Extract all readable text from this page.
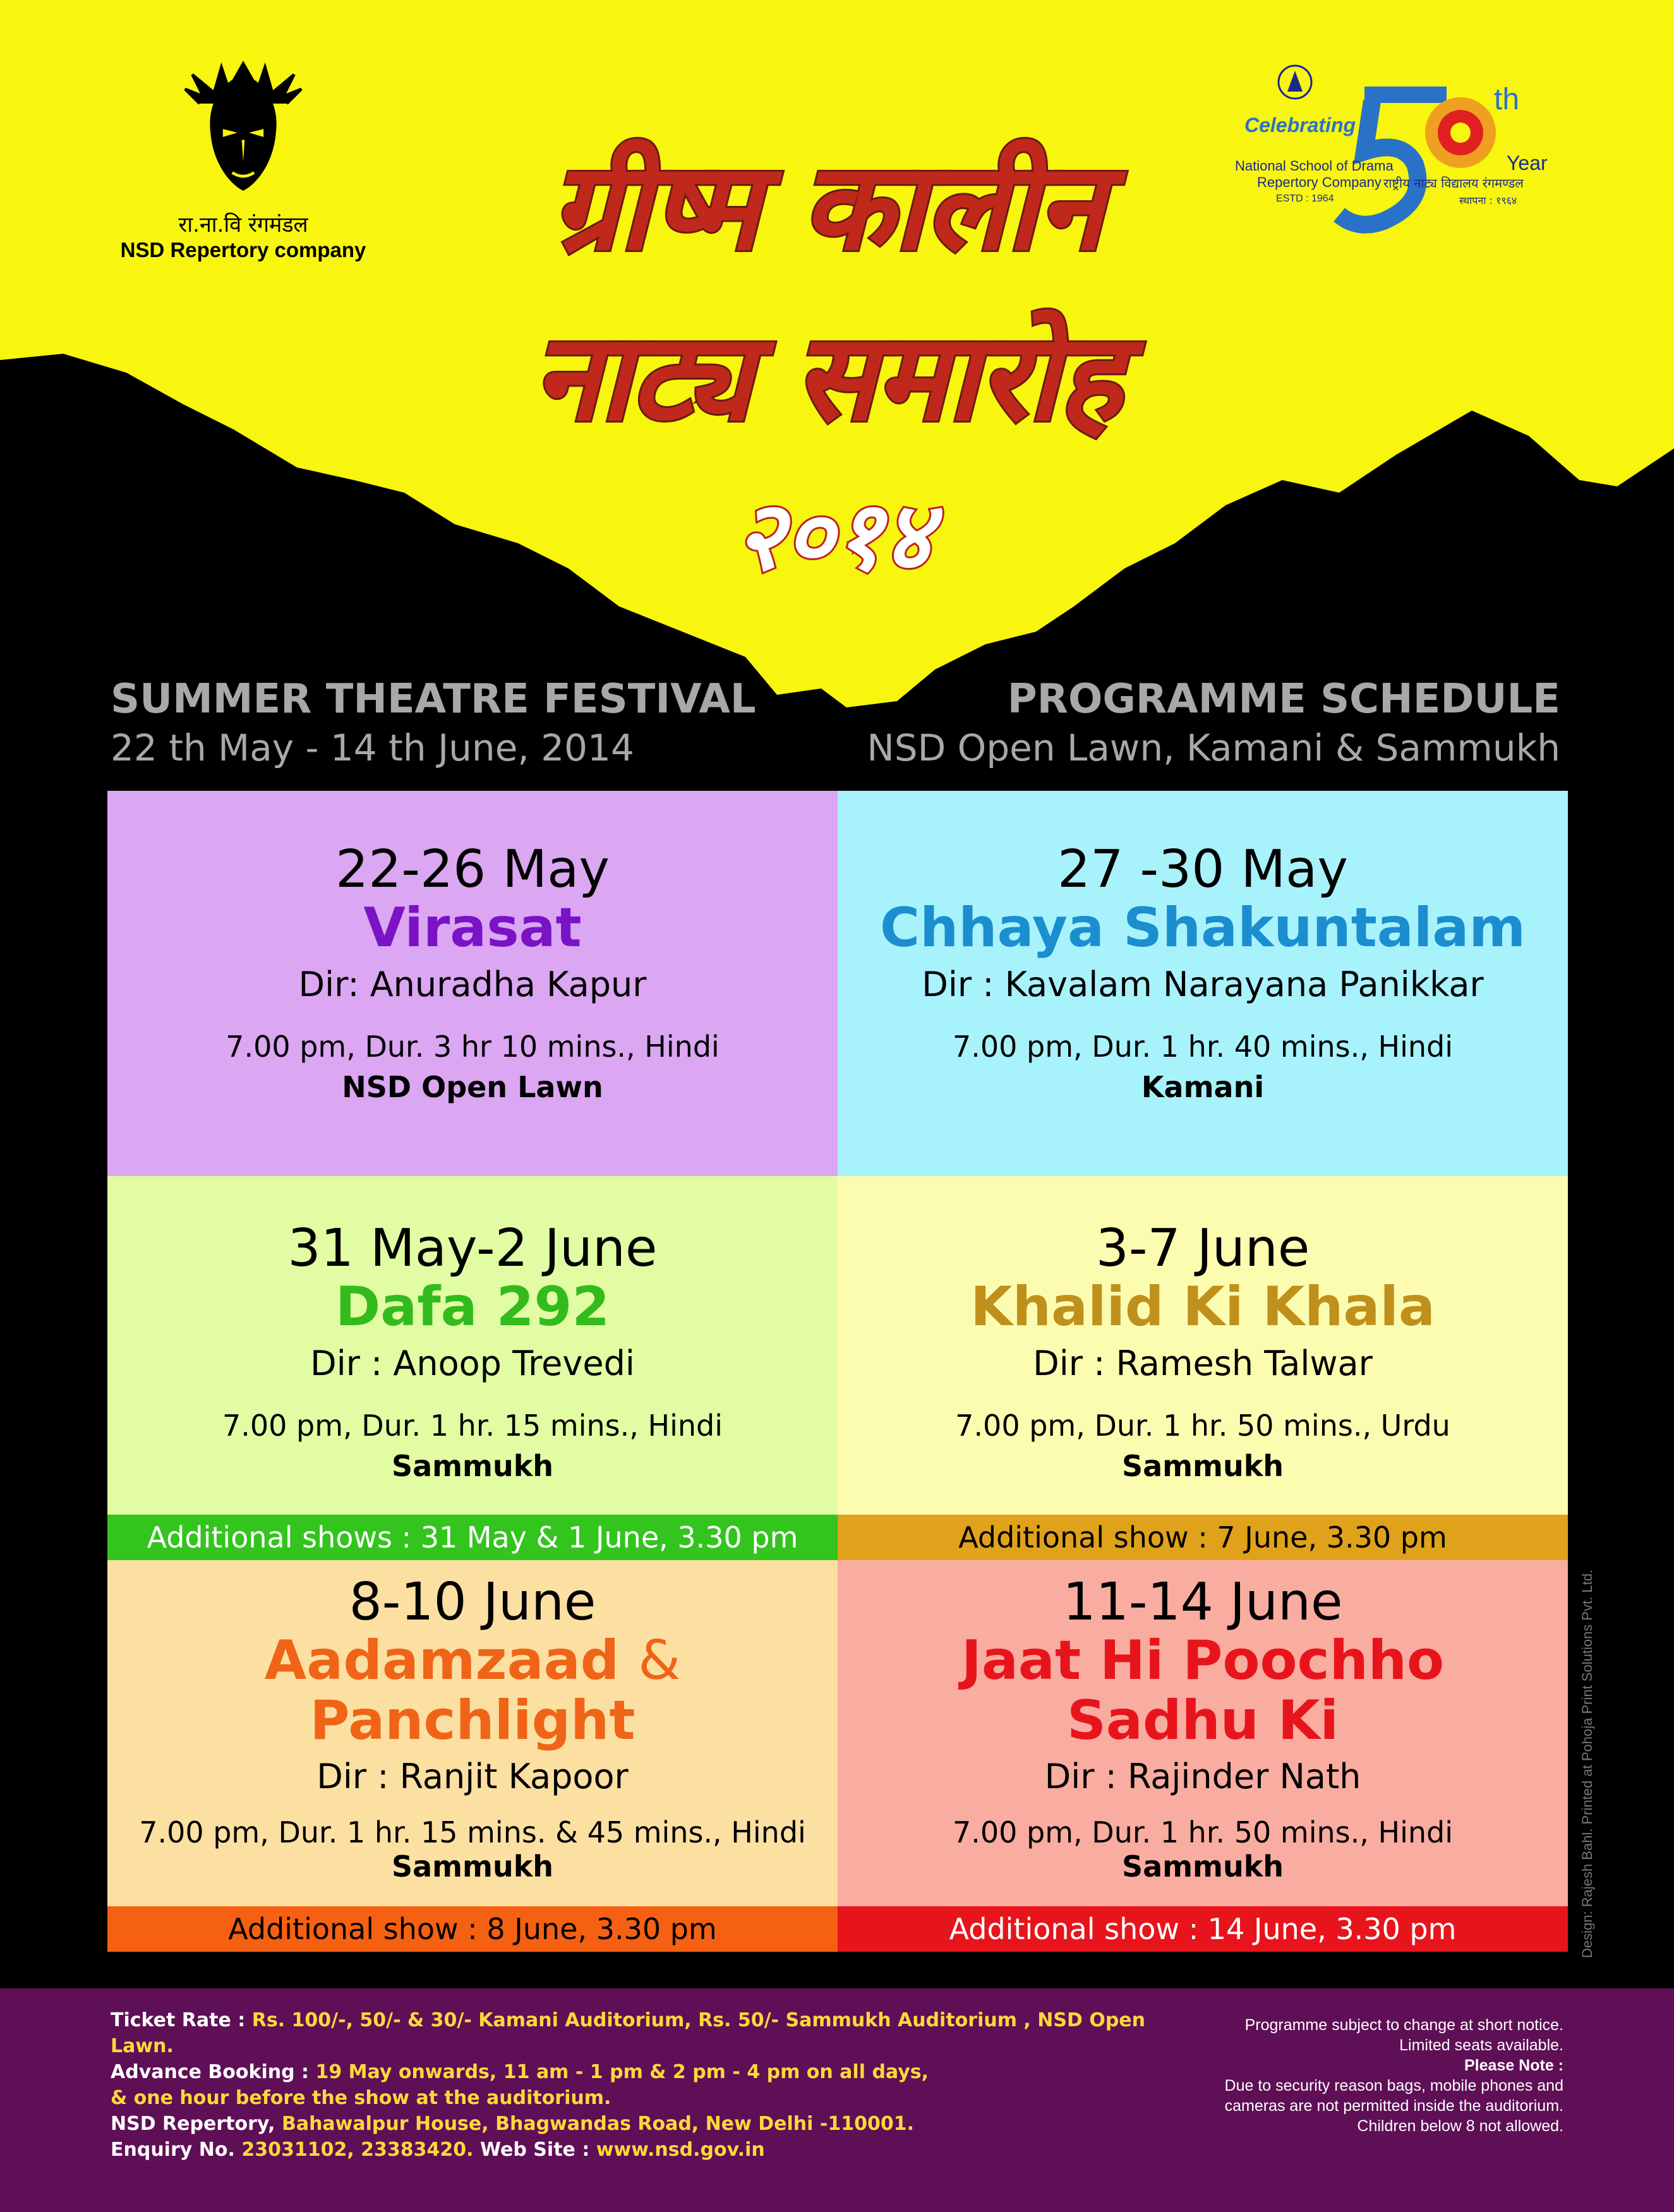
रा.ना.वि रंगमंडल
NSD Repertory company
Celebrating
th
Year
National School of Drama
Repertory Company राष्ट्रीय नाट्य विद्यालय रंगमण्डल
ESTD : 1964	स्थापना : १९६४
ग्रीष्म कालीन
नाट्य समारोह
२०१४
SUMMER THEATRE FESTIVAL
22 th May - 14 th June, 2014
PROGRAMME SCHEDULE
NSD Open Lawn, Kamani & Sammukh
22-26 May
Virasat
Dir: Anuradha Kapur
7.00 pm, Dur. 3 hr 10 mins., Hindi
NSD Open Lawn
27 -30 May
Chhaya Shakuntalam
Dir : Kavalam Narayana Panikkar
7.00 pm, Dur. 1 hr. 40 mins., Hindi
Kamani
31 May-2 June
Dafa 292
Dir : Anoop Trevedi
7.00 pm, Dur. 1 hr. 15 mins., Hindi
Sammukh
3-7 June
Khalid Ki Khala
Dir : Ramesh Talwar
7.00 pm, Dur. 1 hr. 50 mins., Urdu
Sammukh
Additional shows : 31 May & 1 June, 3.30 pm	Additional show : 7 June, 3.30 pm
8-10 June
Aadamzaad &
Panchlight
Dir : Ranjit Kapoor
7.00 pm, Dur. 1 hr. 15 mins. & 45 mins., Hindi
Sammukh
11-14 June
Jaat Hi Poochho
Sadhu Ki
Dir : Rajinder Nath
7.00 pm, Dur. 1 hr. 50 mins., Hindi
Sammukh
Additional show : 8 June, 3.30 pm	Additional show : 14 June, 3.30 pm	Design: Rajesh Bahl. Printed at Pohoja Print Solutions Pvt. Ltd.
Ticket Rate : Rs. 100/-, 50/- & 30/- Kamani Auditorium, Rs. 50/- Sammukh Auditorium , NSD Open Lawn.
Advance Booking : 19 May onwards, 11 am - 1 pm & 2 pm - 4 pm on all days,
& one hour before the show at the auditorium.
NSD Repertory, Bahawalpur House, Bhagwandas Road, New Delhi -110001.
Enquiry No. 23031102, 23383420. Web Site : www.nsd.gov.in
Programme subject to change at short notice.
Limited seats available.
Please Note :
Due to security reason bags, mobile phones and
cameras are not permitted inside the auditorium.
Children below 8 not allowed.
